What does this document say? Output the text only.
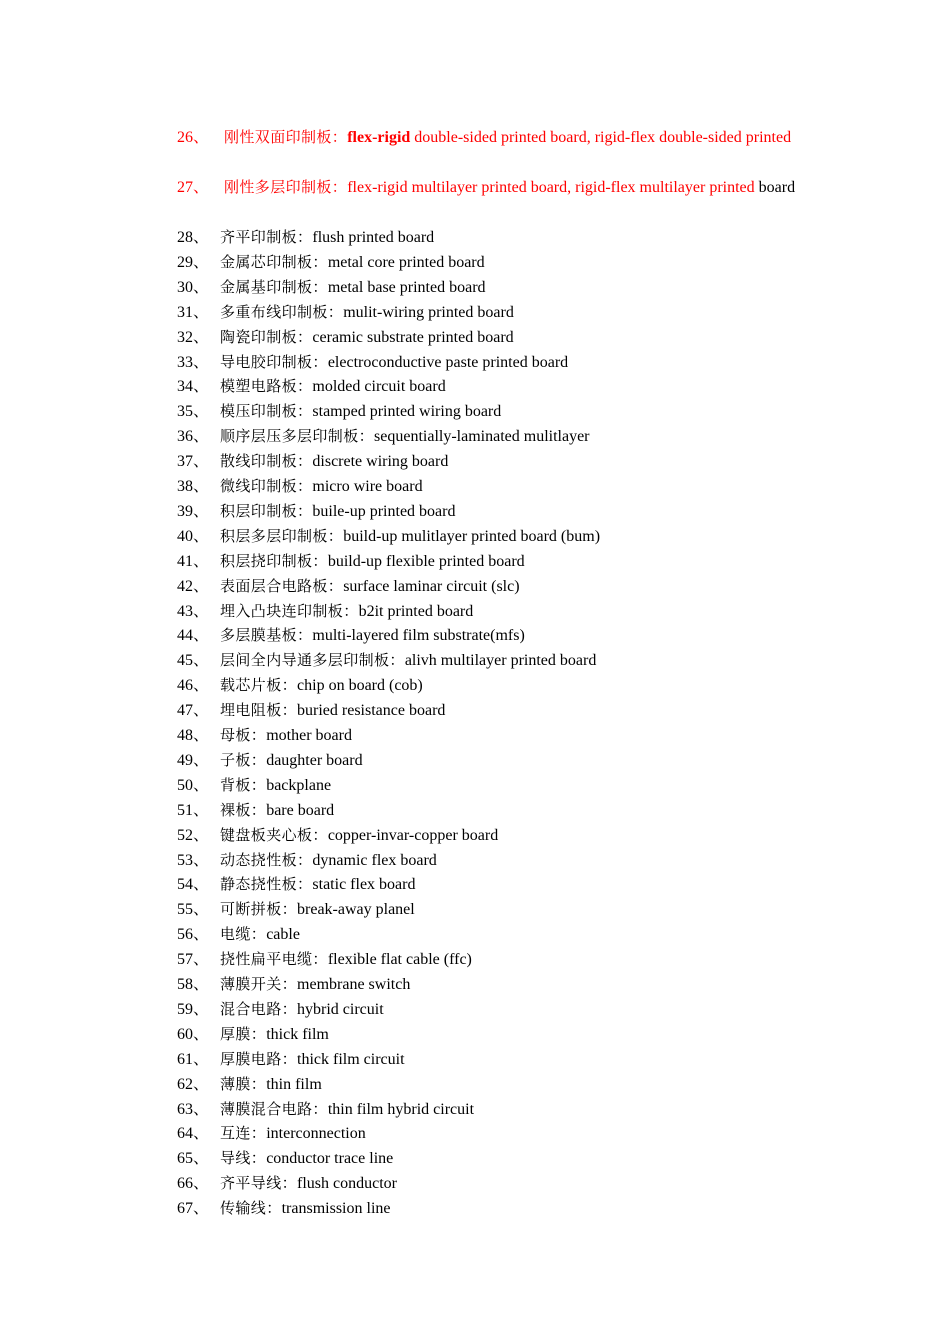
26、 刚性双面印制板：flex-rigid double-sided printed board, rigid-flex double-sided printed
27、 刚性多层印制板：flex-rigid multilayer printed board, rigid-flex multilayer printed board
28、 齐平印制板：flush printed board
29、 金属芯印制板：metal core printed board
30、 金属基印制板：metal base printed board
31、 多重布线印制板：mulit-wiring printed board
32、 陶瓷印制板：ceramic substrate printed board
33、 导电胶印制板：electroconductive paste printed board
34、 模塑电路板：molded circuit board
35、 模压印制板：stamped printed wiring board
36、 顺序层压多层印制板：sequentially-laminated mulitlayer
37、 散线印制板：discrete wiring board
38、 微线印制板：micro wire board
39、 积层印制板：buile-up printed board
40、 积层多层印制板：build-up mulitlayer printed board (bum)
41、 积层挠印制板：build-up flexible printed board
42、 表面层合电路板：surface laminar circuit (slc)
43、 埋入凸块连印制板：b2it printed board
44、 多层膜基板：multi-layered film substrate(mfs)
45、 层间全内导通多层印制板：alivh multilayer printed board
46、 载芯片板：chip on board (cob)
47、 埋电阻板：buried resistance board
48、 母板：mother board
49、 子板：daughter board
50、 背板：backplane
51、 裸板：bare board
52、 键盘板夹心板：copper-invar-copper board
53、 动态挠性板：dynamic flex board
54、 静态挠性板：static flex board
55、 可断拼板：break-away planel
56、 电缆：cable
57、 挠性扁平电缆：flexible flat cable (ffc)
58、 薄膜开关：membrane switch
59、 混合电路：hybrid circuit
60、 厚膜：thick film
61、 厚膜电路：thick film circuit
62、 薄膜：thin film
63、 薄膜混合电路：thin film hybrid circuit
64、 互连：interconnection
65、 导线：conductor trace line
66、 齐平导线：flush conductor
67、 传输线：transmission line
